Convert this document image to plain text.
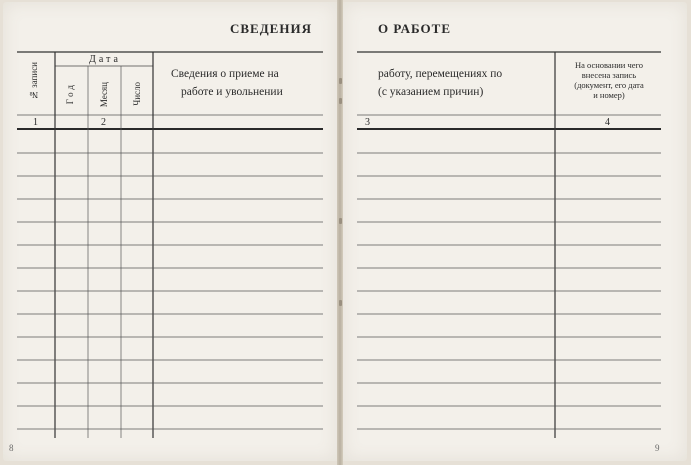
СВЕДЕНИЯ
№ записи
Дата
Год	Месяц	Число
Сведения о приеме на
работе и увольнении
1	2
8
О РАБОТЕ
работу, перемещениях по
(с указанием причин)
На основании чего
внесена запись
(документ, его дата
и номер)
3	4
9
